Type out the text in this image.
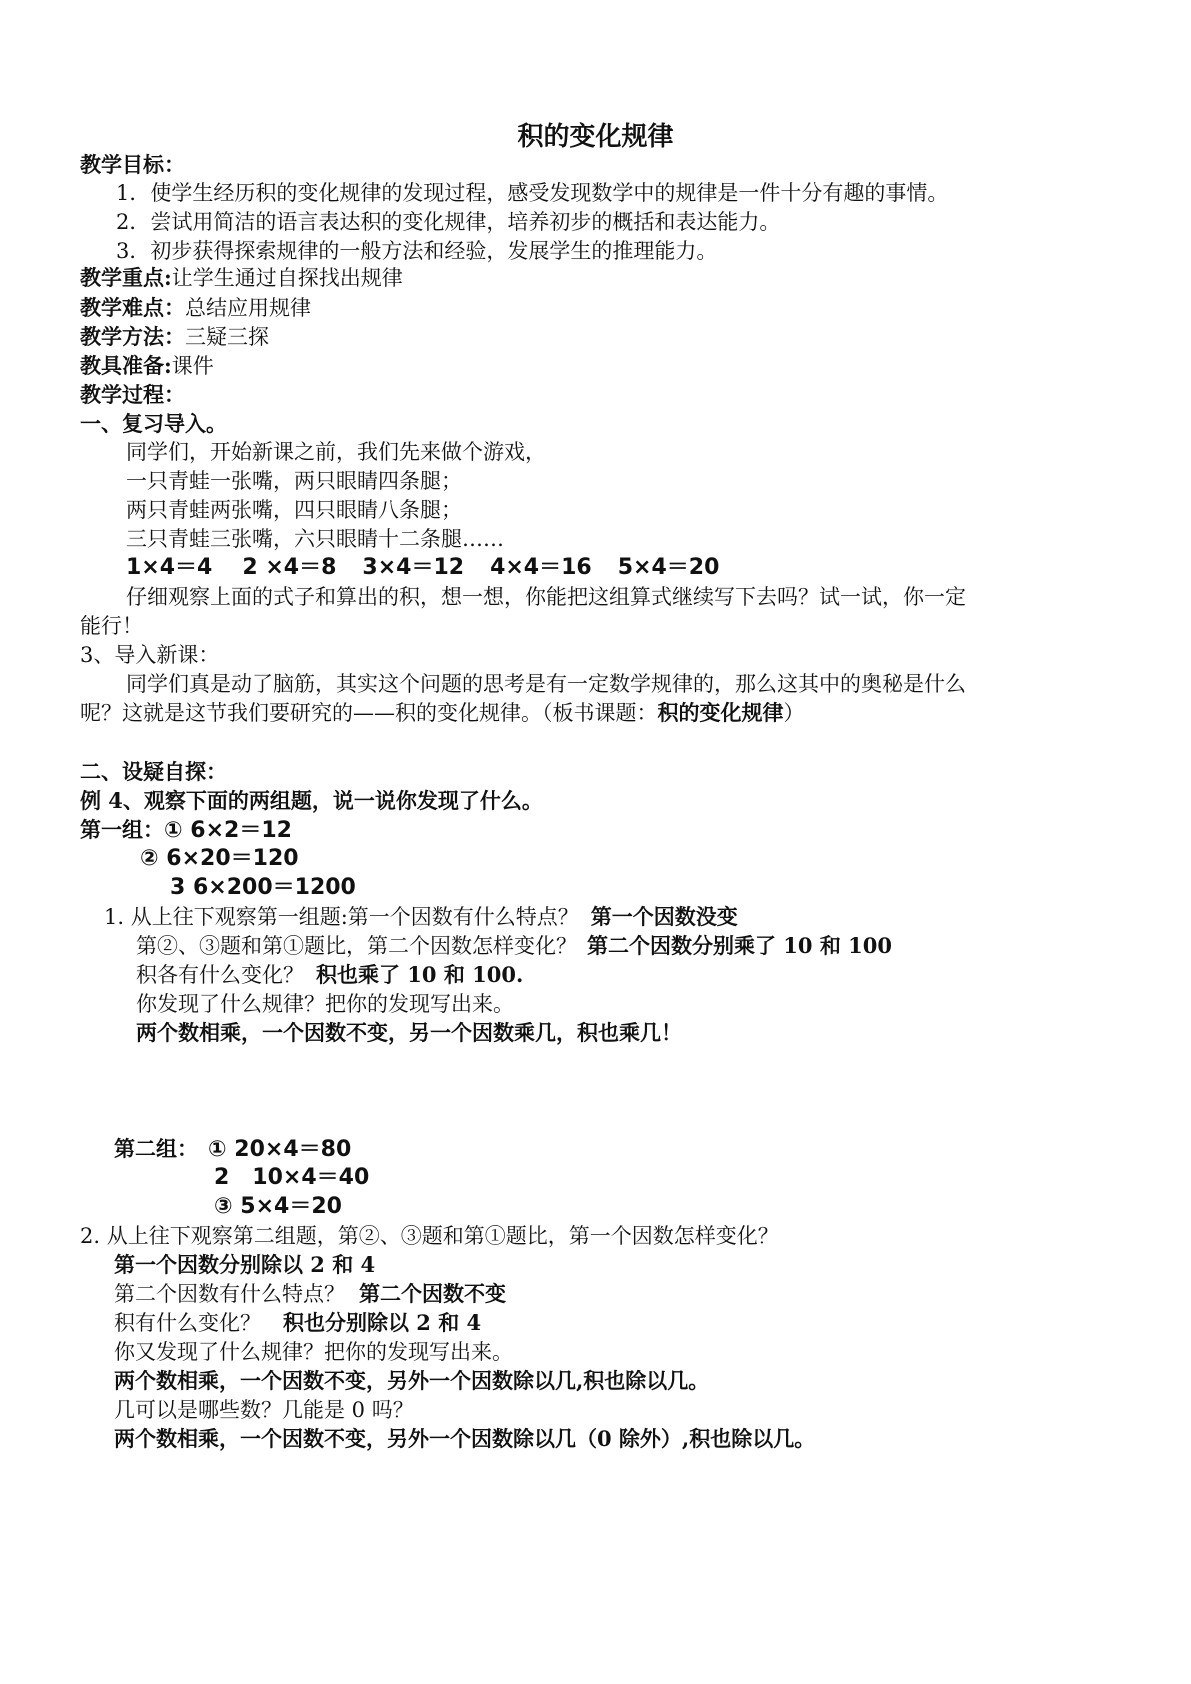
积的变化规律
教学目标：
1．使学生经历积的变化规律的发现过程，感受发现数学中的规律是一件十分有趣的事情。
2．尝试用简洁的语言表达积的变化规律，培养初步的概括和表达能力。
3．初步获得探索规律的一般方法和经验，发展学生的推理能力。
教学重点:让学生通过自探找出规律
教学难点：总结应用规律
教学方法：三疑三探
教具准备:课件
教学过程：
一、复习导入。
同学们，开始新课之前，我们先来做个游戏，
一只青蛙一张嘴，两只眼睛四条腿；
两只青蛙两张嘴，四只眼睛八条腿；
三只青蛙三张嘴，六只眼睛十二条腿……
1×4＝4 2 ×4＝8 3×4＝12 4×4＝16 5×4＝20
仔细观察上面的式子和算出的积，想一想，你能把这组算式继续写下去吗？试一试，你一定
能行！
3、导入新课：
同学们真是动了脑筋，其实这个问题的思考是有一定数学规律的，那么这其中的奥秘是什么
呢？这就是这节我们要研究的——积的变化规律。（板书课题：积的变化规律）
二、设疑自探：
例 4、观察下面的两组题，说一说你发现了什么。
第一组：① 6×2＝12
② 6×20＝120
3 6×200＝1200
1. 从上往下观察第一组题:第一个因数有什么特点？ 第一个因数没变
第②、③题和第①题比，第二个因数怎样变化？ 第二个因数分别乘了 10 和 100
积各有什么变化？ 积也乘了 10 和 100.
你发现了什么规律？把你的发现写出来。
两个数相乘，一个因数不变，另一个因数乘几，积也乘几！
第二组： ① 20×4＝80
2   10×4＝40
③ 5×4＝20
2. 从上往下观察第二组题，第②、③题和第①题比，第一个因数怎样变化？
第一个因数分别除以 2 和 4
第二个因数有什么特点？ 第二个因数不变
积有什么变化？ 积也分别除以 2 和 4
你又发现了什么规律？把你的发现写出来。
两个数相乘，一个因数不变，另外一个因数除以几,积也除以几。
几可以是哪些数？几能是 0 吗？
两个数相乘，一个因数不变，另外一个因数除以几（0 除外）,积也除以几。
